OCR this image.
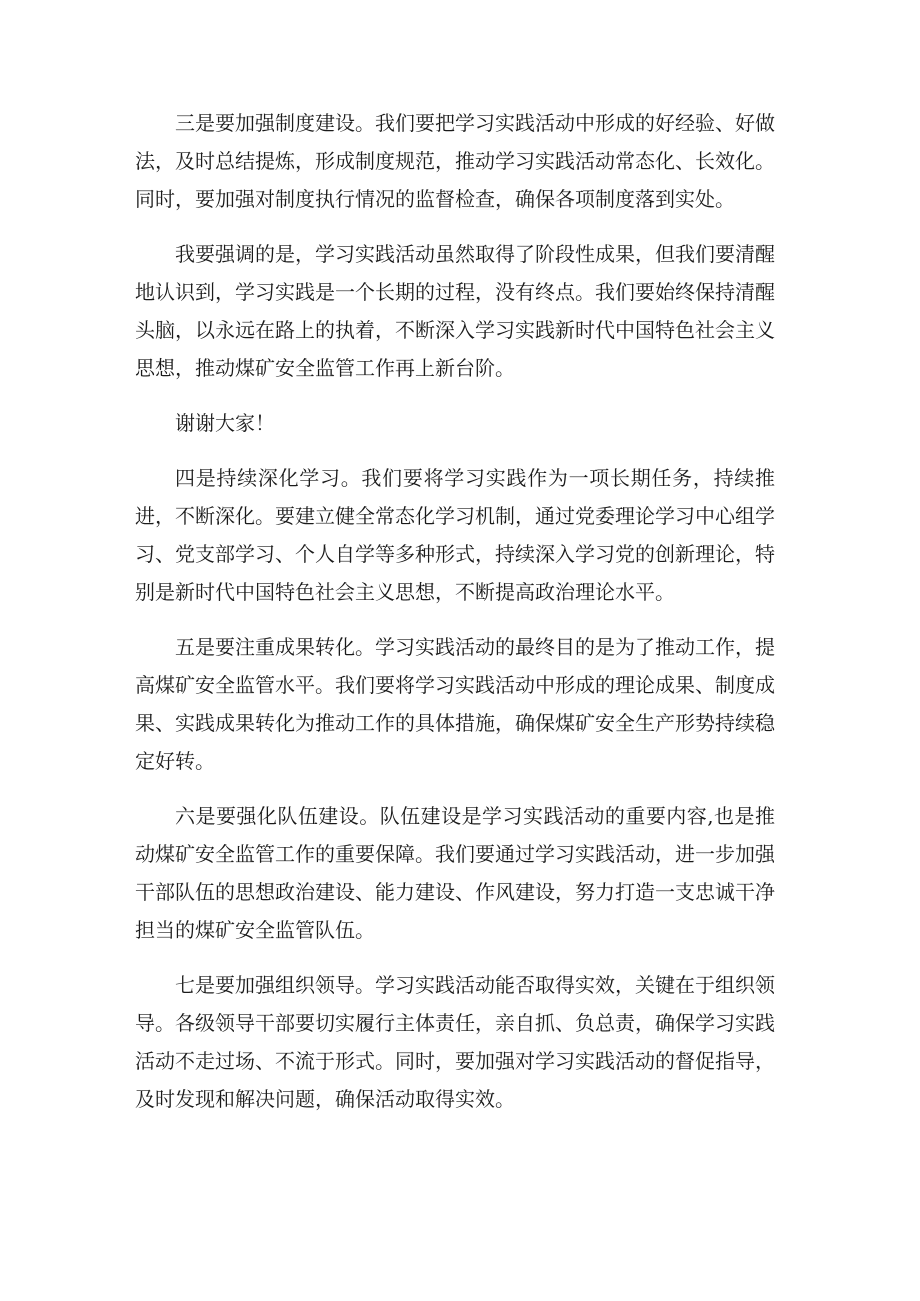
三是要加强制度建设。我们要把学习实践活动中形成的好经验、好做法，及时总结提炼，形成制度规范，推动学习实践活动常态化、长效化。同时，要加强对制度执行情况的监督检查，确保各项制度落到实处。

我要强调的是，学习实践活动虽然取得了阶段性成果，但我们要清醒地认识到，学习实践是一个长期的过程，没有终点。我们要始终保持清醒头脑，以永远在路上的执着，不断深入学习实践新时代中国特色社会主义思想，推动煤矿安全监管工作再上新台阶。

谢谢大家！

四是持续深化学习。我们要将学习实践作为一项长期任务，持续推进，不断深化。要建立健全常态化学习机制，通过党委理论学习中心组学习、党支部学习、个人自学等多种形式，持续深入学习党的创新理论，特别是新时代中国特色社会主义思想，不断提高政治理论水平。

五是要注重成果转化。学习实践活动的最终目的是为了推动工作，提高煤矿安全监管水平。我们要将学习实践活动中形成的理论成果、制度成果、实践成果转化为推动工作的具体措施，确保煤矿安全生产形势持续稳定好转。

六是要强化队伍建设。队伍建设是学习实践活动的重要内容,也是推动煤矿安全监管工作的重要保障。我们要通过学习实践活动，进一步加强干部队伍的思想政治建设、能力建设、作风建设，努力打造一支忠诚干净担当的煤矿安全监管队伍。

七是要加强组织领导。学习实践活动能否取得实效，关键在于组织领导。各级领导干部要切实履行主体责任，亲自抓、负总责，确保学习实践活动不走过场、不流于形式。同时，要加强对学习实践活动的督促指导，及时发现和解决问题，确保活动取得实效。
